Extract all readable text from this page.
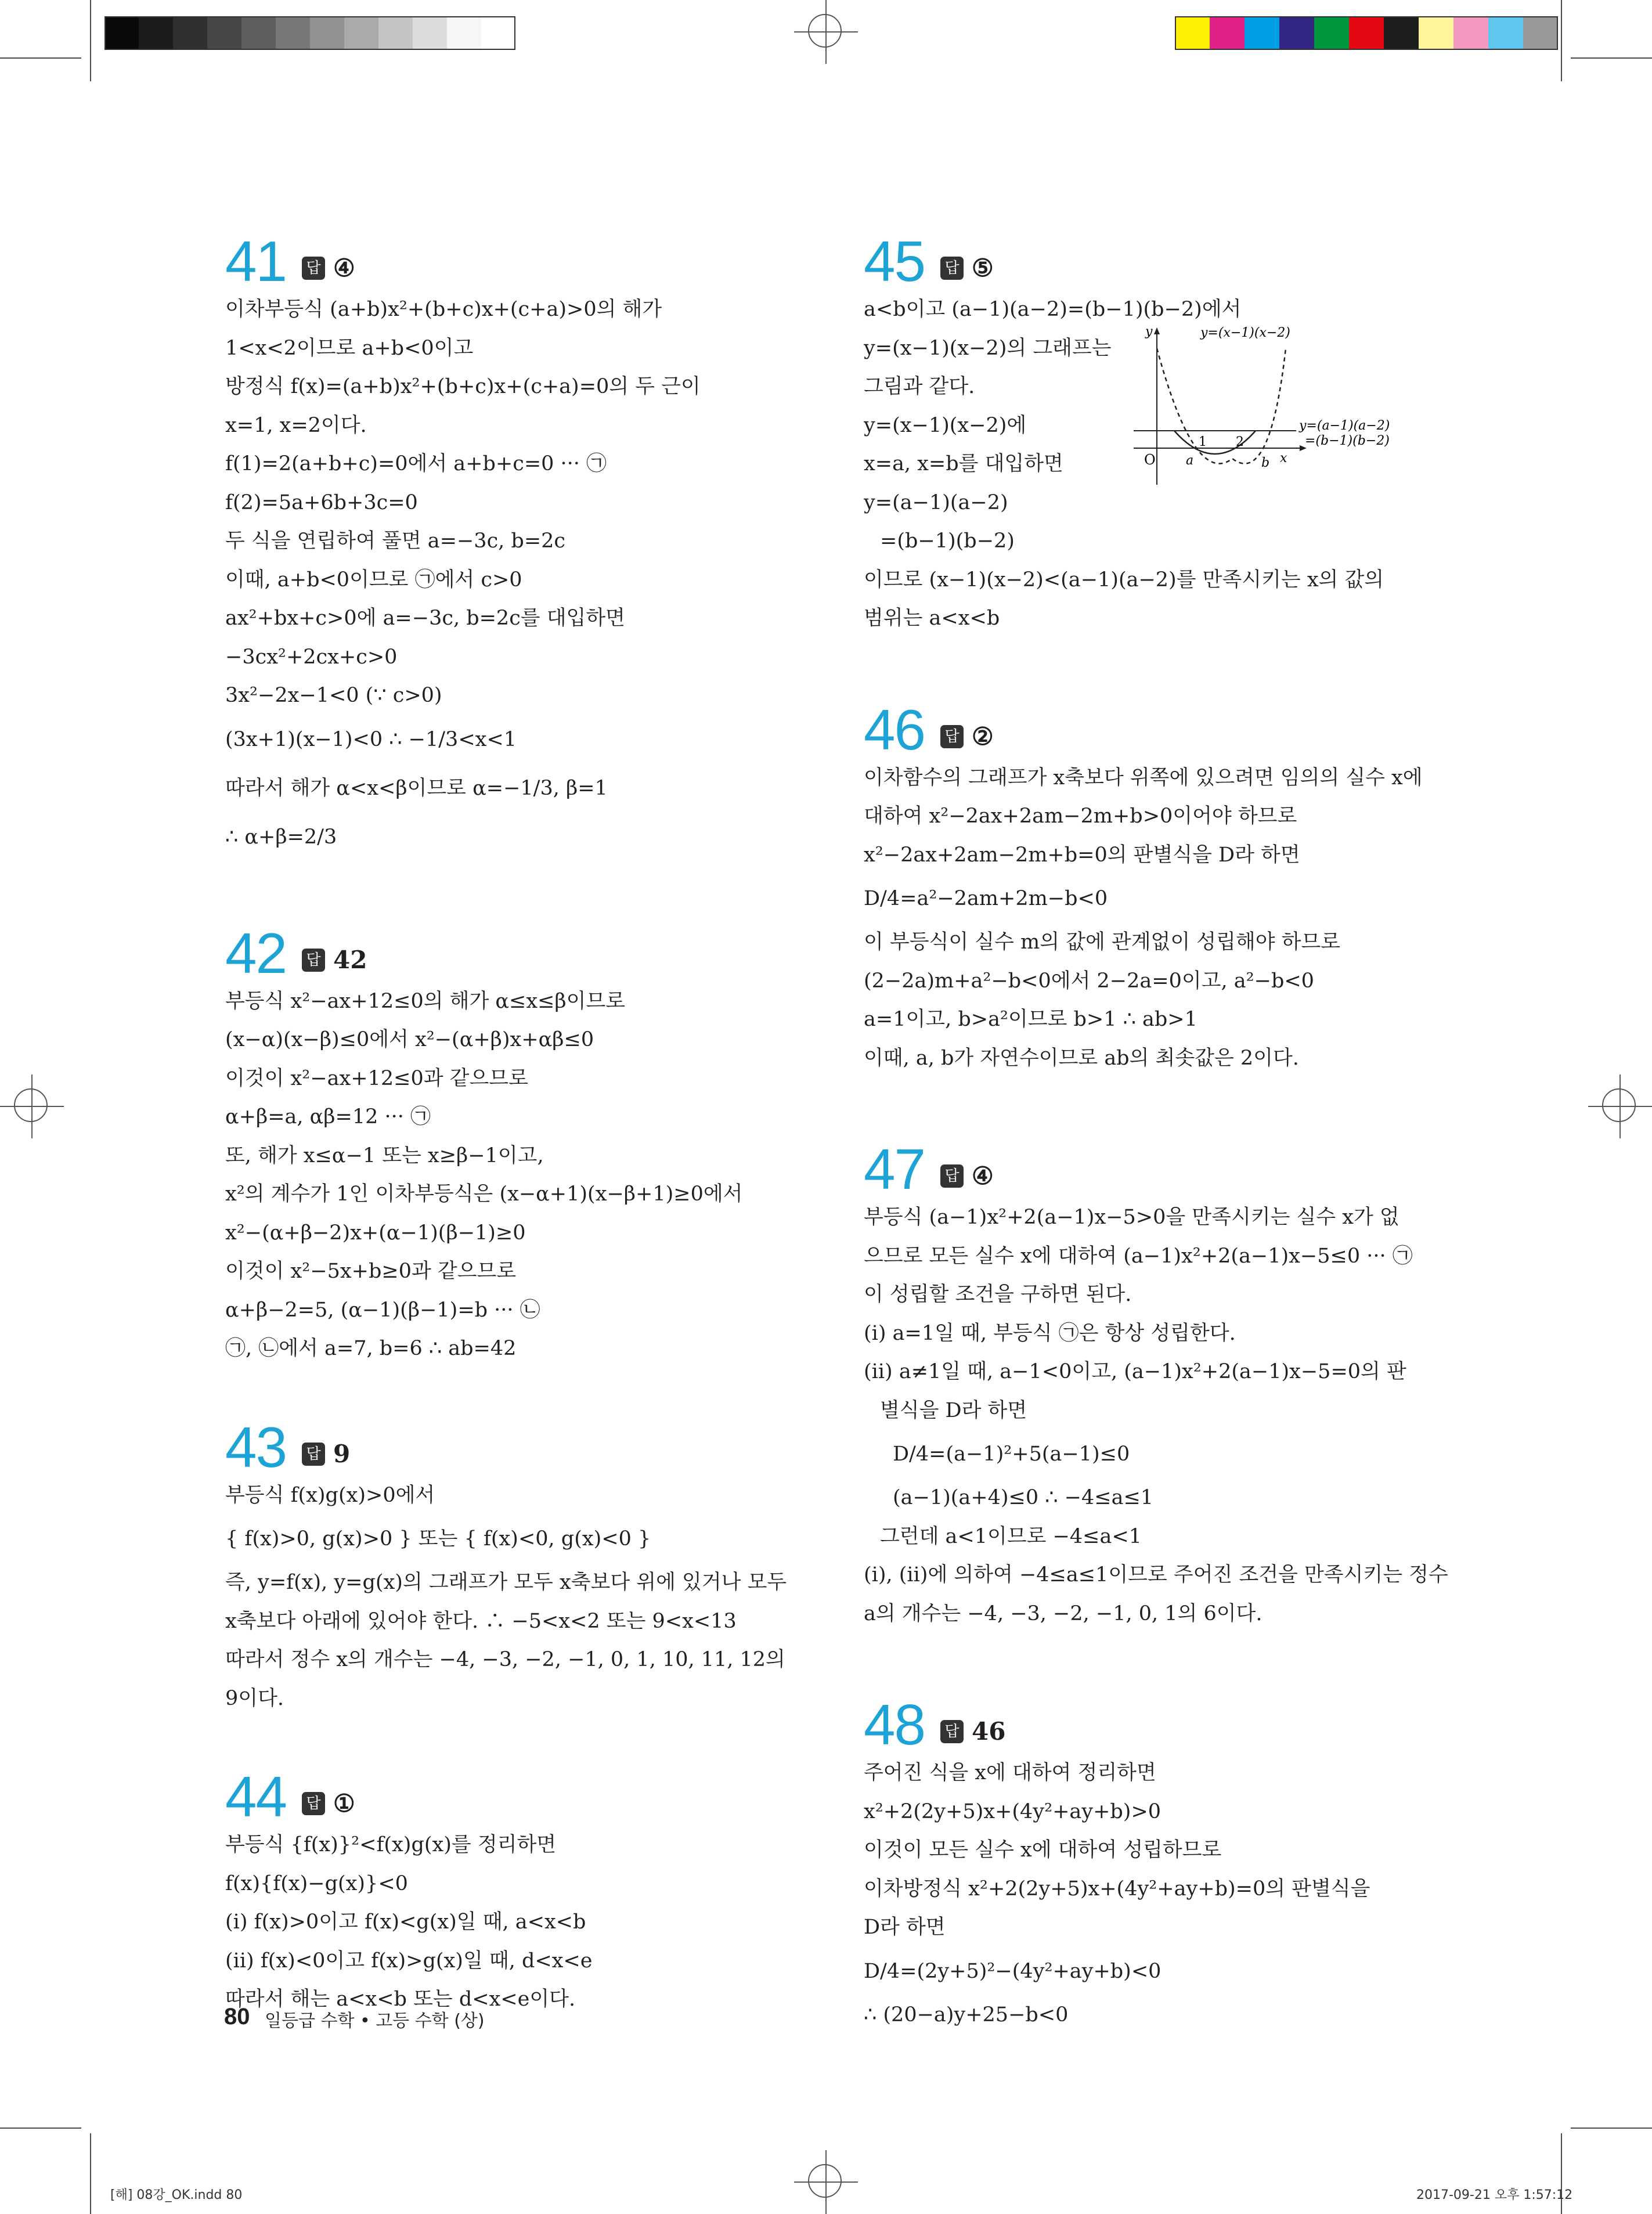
41 답 ④
이차부등식 (a+b)x²+(b+c)x+(c+a)>0의 해가
1<x<2이므로 a+b<0이고
방정식 f(x)=(a+b)x²+(b+c)x+(c+a)=0의 두 근이
x=1, x=2이다.
f(1)=2(a+b+c)=0에서 a+b+c=0 ··· ㉠
f(2)=5a+6b+3c=0
두 식을 연립하여 풀면 a=−3c, b=2c
이때, a+b<0이므로 ㉠에서 c>0
ax²+bx+c>0에 a=−3c, b=2c를 대입하면
−3cx²+2cx+c>0
3x²−2x−1<0 (∵ c>0)
(3x+1)(x−1)<0 ∴ −1/3<x<1
따라서 해가 α<x<β이므로 α=−1/3, β=1
∴ α+β=2/3
42 답 42
부등식 x²−ax+12≤0의 해가 α≤x≤β이므로
(x−α)(x−β)≤0에서 x²−(α+β)x+αβ≤0
이것이 x²−ax+12≤0과 같으므로
α+β=a, αβ=12 ··· ㉠
또, 해가 x≤α−1 또는 x≥β−1이고,
x²의 계수가 1인 이차부등식은 (x−α+1)(x−β+1)≥0에서
x²−(α+β−2)x+(α−1)(β−1)≥0
이것이 x²−5x+b≥0과 같으므로
α+β−2=5, (α−1)(β−1)=b ··· ㉡
㉠, ㉡에서 a=7, b=6 ∴ ab=42
43 답 9
부등식 f(x)g(x)>0에서
{ f(x)>0, g(x)>0 } 또는 { f(x)<0, g(x)<0 }
즉, y=f(x), y=g(x)의 그래프가 모두 x축보다 위에 있거나 모두
x축보다 아래에 있어야 한다. ∴ −5<x<2 또는 9<x<13
따라서 정수 x의 개수는 −4, −3, −2, −1, 0, 1, 10, 11, 12의
9이다.
44 답 ①
부등식 {f(x)}²<f(x)g(x)를 정리하면
f(x){f(x)−g(x)}<0
(ⅰ) f(x)>0이고 f(x)<g(x)일 때, a<x<b
(ⅱ) f(x)<0이고 f(x)>g(x)일 때, d<x<e
따라서 해는 a<x<b 또는 d<x<e이다.
45 답 ⑤
a<b이고 (a−1)(a−2)=(b−1)(b−2)에서
y=(x−1)(x−2)의 그래프는
그림과 같다.
y=(x−1)(x−2)에
x=a, x=b를 대입하면
y=(a−1)(a−2)
=(b−1)(b−2)
이므로 (x−1)(x−2)<(a−1)(a−2)를 만족시키는 x의 값의
범위는 a<x<b
y	y=(x−1)(x−2)
y=(a−1)(a−2)
=(b−1)(b−2)
O a
1 2
b x
46 답 ②
이차함수의 그래프가 x축보다 위쪽에 있으려면 임의의 실수 x에
대하여 x²−2ax+2am−2m+b>0이어야 하므로
x²−2ax+2am−2m+b=0의 판별식을 D라 하면
D/4=a²−2am+2m−b<0
이 부등식이 실수 m의 값에 관계없이 성립해야 하므로
(2−2a)m+a²−b<0에서 2−2a=0이고, a²−b<0
a=1이고, b>a²이므로 b>1 ∴ ab>1
이때, a, b가 자연수이므로 ab의 최솟값은 2이다.
47 답 ④
부등식 (a−1)x²+2(a−1)x−5>0을 만족시키는 실수 x가 없
으므로 모든 실수 x에 대하여 (a−1)x²+2(a−1)x−5≤0 ··· ㉠
이 성립할 조건을 구하면 된다.
(ⅰ) a=1일 때, 부등식 ㉠은 항상 성립한다.
(ⅱ) a≠1일 때, a−1<0이고, (a−1)x²+2(a−1)x−5=0의 판
별식을 D라 하면
D/4=(a−1)²+5(a−1)≤0
(a−1)(a+4)≤0 ∴ −4≤a≤1
그런데 a<1이므로 −4≤a<1
(ⅰ), (ⅱ)에 의하여 −4≤a≤1이므로 주어진 조건을 만족시키는 정수
a의 개수는 −4, −3, −2, −1, 0, 1의 6이다.
48 답 46
주어진 식을 x에 대하여 정리하면
x²+2(2y+5)x+(4y²+ay+b)>0
이것이 모든 실수 x에 대하여 성립하므로
이차방정식 x²+2(2y+5)x+(4y²+ay+b)=0의 판별식을
D라 하면
D/4=(2y+5)²−(4y²+ay+b)<0
∴ (20−a)y+25−b<0
80 일등급 수학 • 고등 수학 (상)
[해] 08강_OK.indd 80	2017-09-21 오후 1:57:12
